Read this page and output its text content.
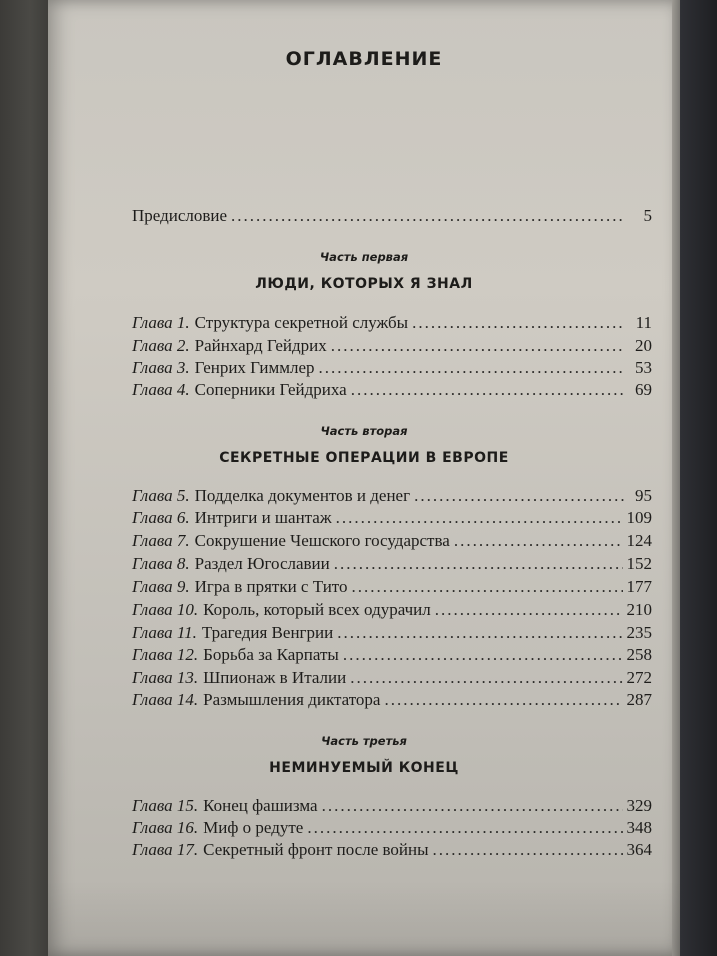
ОГЛАВЛЕНИЕ
Предисловие .....	5
Часть первая
ЛЮДИ, КОТОРЫХ Я ЗНАЛ
Глава 1. Структура секретной службы .....	11
Глава 2. Райнхард Гейдрих .....	20
Глава 3. Генрих Гиммлер .....	53
Глава 4. Соперники Гейдриха .....	69
Часть вторая
СЕКРЕТНЫЕ ОПЕРАЦИИ В ЕВРОПЕ
Глава 5. Подделка документов и денег .....	95
Глава 6. Интриги и шантаж .....	109
Глава 7. Сокрушение Чешского государства .....	124
Глава 8. Раздел Югославии .....	152
Глава 9. Игра в прятки с Тито .....	177
Глава 10. Король, который всех одурачил .....	210
Глава 11. Трагедия Венгрии .....	235
Глава 12. Борьба за Карпаты .....	258
Глава 13. Шпионаж в Италии .....	272
Глава 14. Размышления диктатора .....	287
Часть третья
НЕМИНУЕМЫЙ КОНЕЦ
Глава 15. Конец фашизма .....	329
Глава 16. Миф о редуте .....	348
Глава 17. Секретный фронт после войны .....	364
